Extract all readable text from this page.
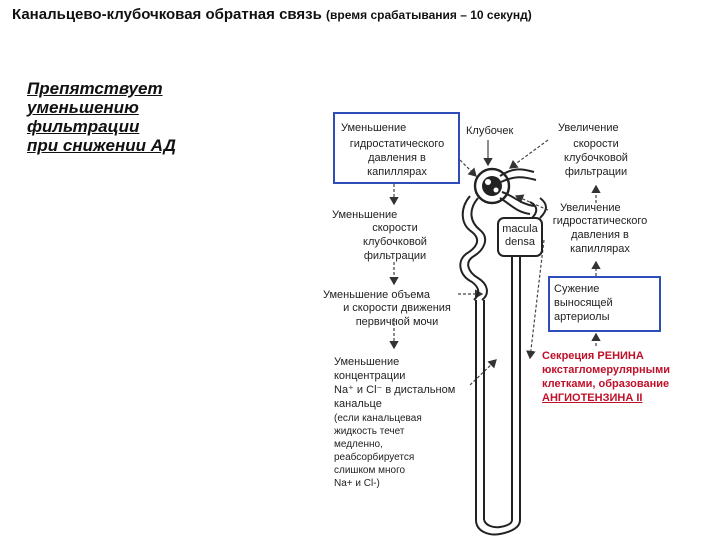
Канальцево-клубочковая обратная связь (время срабатывания – 10 секунд)
Препятствует
уменьшению
фильтрации
при снижении АД
Уменьшение
гидростатического
давления в
капиллярах
Клубочек
Уменьшение
скорости
клубочковой
фильтрации
Уменьшение объема
и скорости движения
первичной мочи
Уменьшение
концентрации
Na⁺ и Cl⁻ в дистальном
канальце
(если канальцевая
жидкость течет
медленно,
реабсорбируется
слишком много
Na+ и Cl-)
macula
densa
Увеличение
скорости
клубочковой
фильтрации
Увеличение
гидростатического
давления в
капиллярах
Сужение
выносящей
артериолы
Секреция РЕНИНА
юкстагломерулярными
клетками, образование
АНГИОТЕНЗИНА II
